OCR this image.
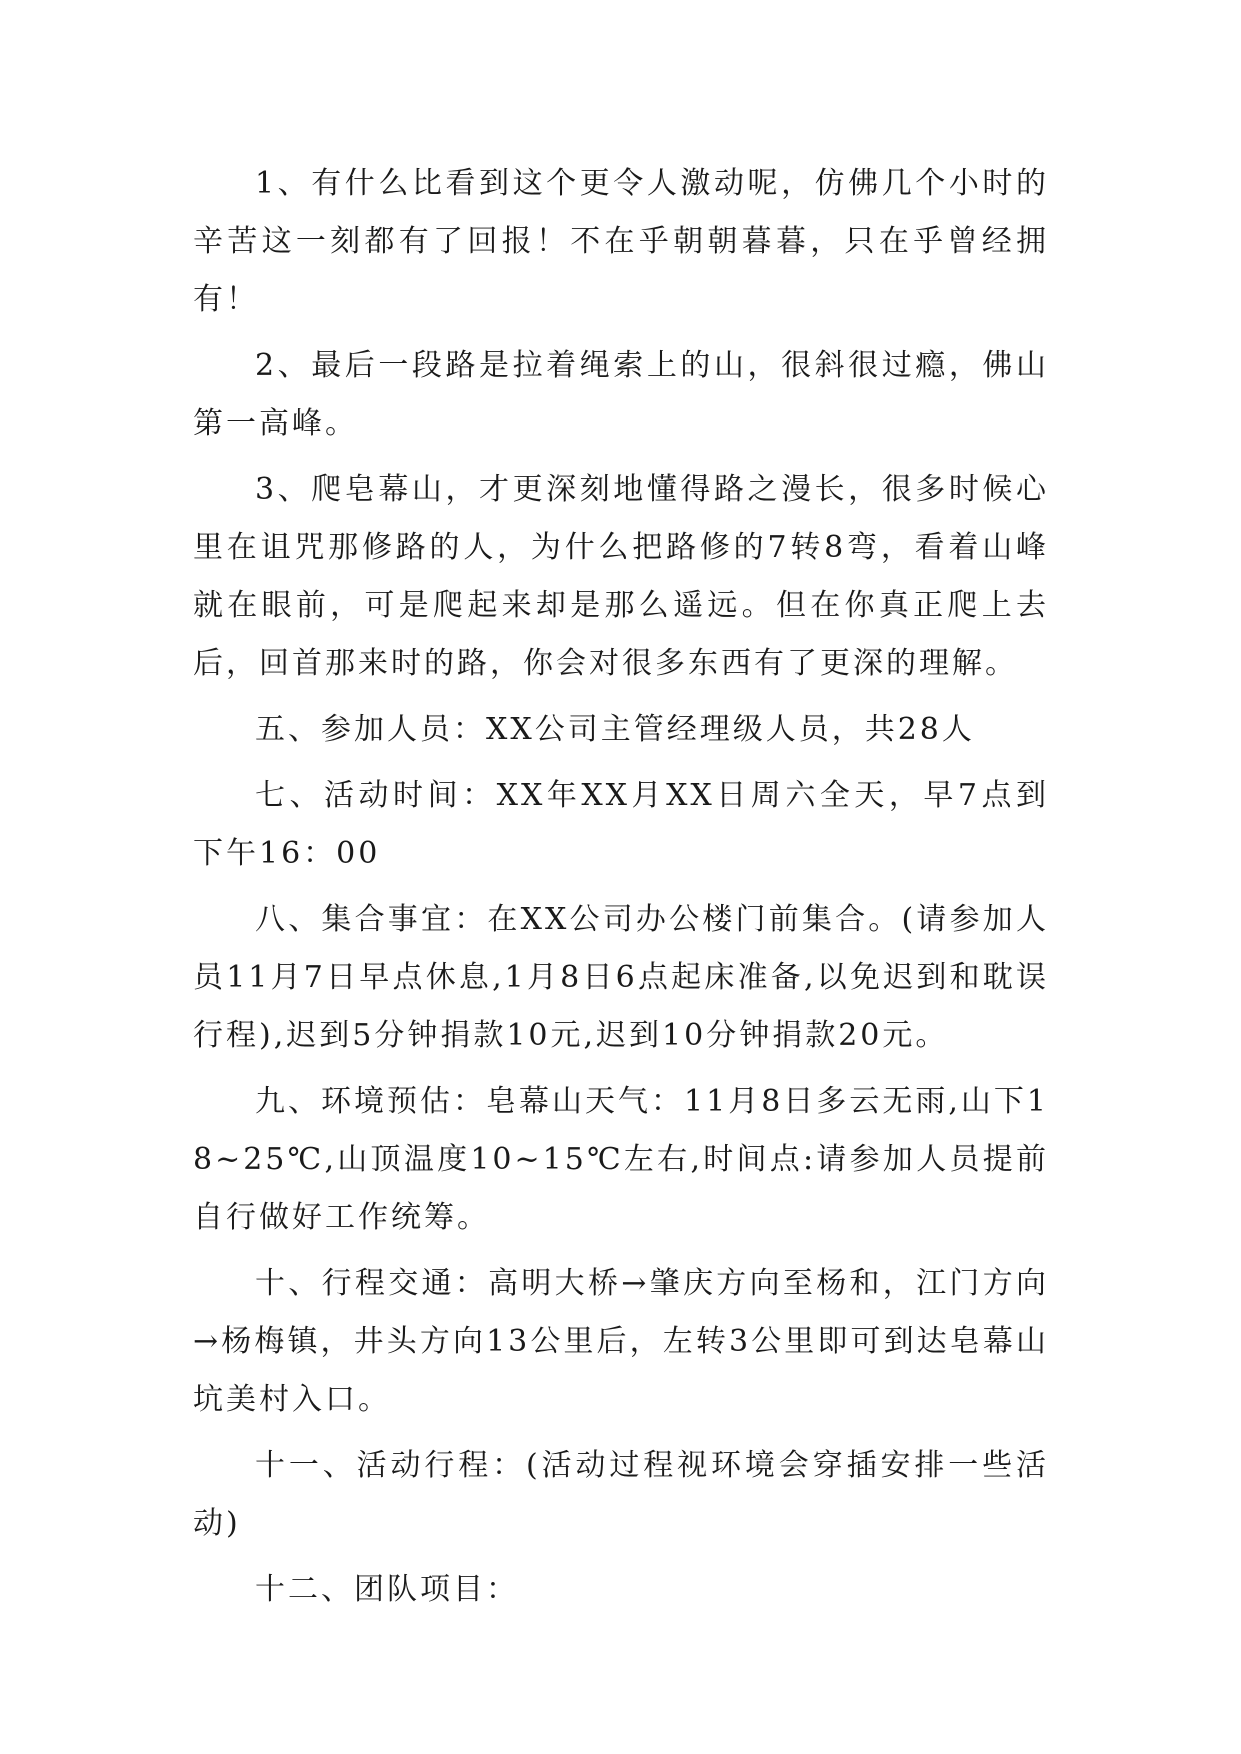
1、有什么比看到这个更令人激动呢，仿佛几个小时的辛苦这一刻都有了回报！不在乎朝朝暮暮，只在乎曾经拥有！

2、最后一段路是拉着绳索上的山，很斜很过瘾，佛山第一高峰。

3、爬皂幕山，才更深刻地懂得路之漫长，很多时候心里在诅咒那修路的人，为什么把路修的7转8弯，看着山峰就在眼前，可是爬起来却是那么遥远。但在你真正爬上去后，回首那来时的路，你会对很多东西有了更深的理解。

五、参加人员：XX公司主管经理级人员，共28人

七、活动时间：XX年XX月XX日周六全天，早7点到下午16：00

八、集合事宜：在XX公司办公楼门前集合。(请参加人员11月7日早点休息,1月8日6点起床准备,以免迟到和耽误行程),迟到5分钟捐款10元,迟到10分钟捐款20元。

九、环境预估：皂幕山天气：11月8日多云无雨,山下18~25℃,山顶温度10~15℃左右,时间点:请参加人员提前自行做好工作统筹。

十、行程交通：高明大桥→肇庆方向至杨和，江门方向→杨梅镇，井头方向13公里后，左转3公里即可到达皂幕山坑美村入口。

十一、活动行程：(活动过程视环境会穿插安排一些活动)

十二、团队项目：
